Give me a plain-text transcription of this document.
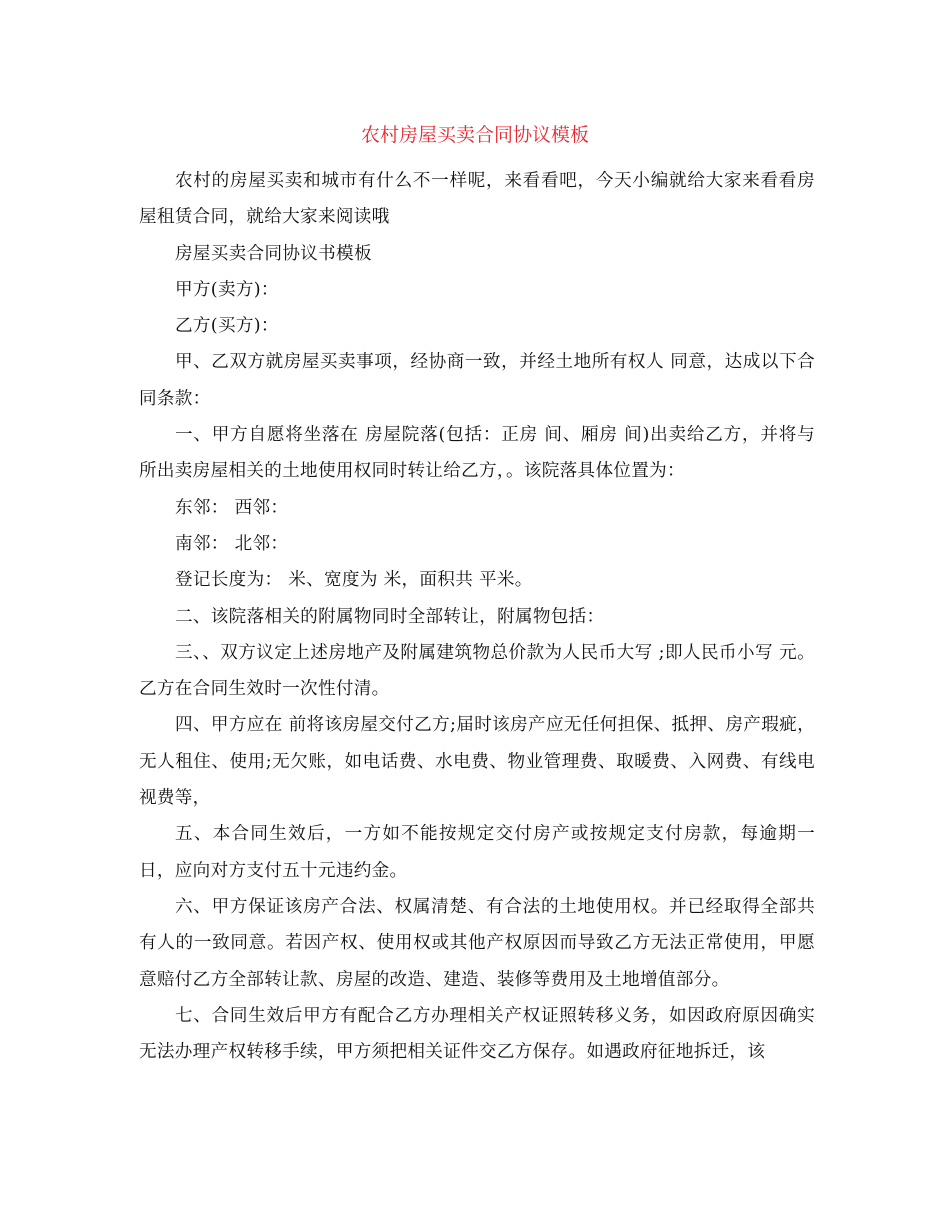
农村房屋买卖合同协议模板

农村的房屋买卖和城市有什么不一样呢，来看看吧，今天小编就给大家来看看房屋租赁合同，就给大家来阅读哦

房屋买卖合同协议书模板

甲方(卖方)：

乙方(买方)：

甲、乙双方就房屋买卖事项，经协商一致，并经土地所有权人 同意，达成以下合同条款：

一、甲方自愿将坐落在 房屋院落(包括：正房 间、厢房 间)出卖给乙方，并将与所出卖房屋相关的土地使用权同时转让给乙方，。该院落具体位置为：

东邻： 西邻：

南邻： 北邻：

登记长度为： 米、宽度为 米，面积共 平米。

二、该院落相关的附属物同时全部转让，附属物包括：

三、、双方议定上述房地产及附属建筑物总价款为人民币大写 ;即人民币小写 元。乙方在合同生效时一次性付清。

四、甲方应在 前将该房屋交付乙方;届时该房产应无任何担保、抵押、房产瑕疵，无人租住、使用;无欠账，如电话费、水电费、物业管理费、取暖费、入网费、有线电视费等，

五、本合同生效后，一方如不能按规定交付房产或按规定支付房款，每逾期一日，应向对方支付五十元违约金。

六、甲方保证该房产合法、权属清楚、有合法的土地使用权。并已经取得全部共有人的一致同意。若因产权、使用权或其他产权原因而导致乙方无法正常使用，甲愿意赔付乙方全部转让款、房屋的改造、建造、装修等费用及土地增值部分。

七、合同生效后甲方有配合乙方办理相关产权证照转移义务，如因政府原因确实无法办理产权转移手续，甲方须把相关证件交乙方保存。如遇政府征地拆迁，该
